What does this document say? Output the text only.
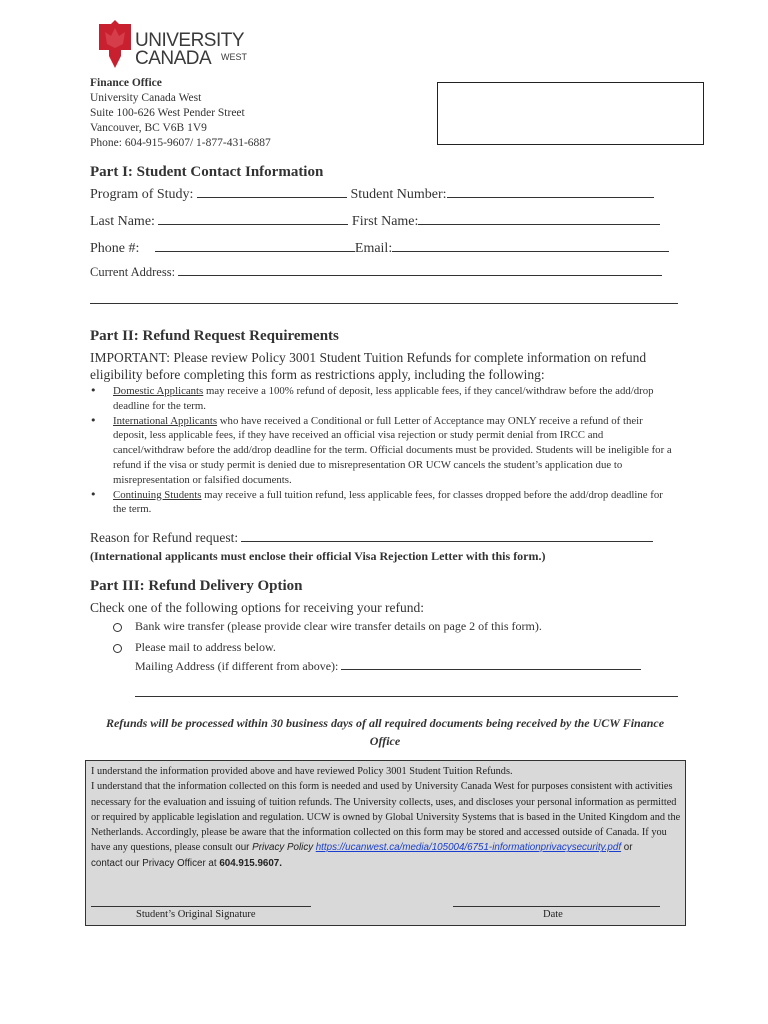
UNIVERSITY
CANADA WEST
Finance Office
University Canada West
Suite 100-626 West Pender Street
Vancouver, BC V6B 1V9
Phone: 604-915-9607/ 1-877-431-6887
Part I: Student Contact Information
Program of Study:	Student Number:
Last Name:	First Name:
Phone #:	Email:
Current Address:
Part II: Refund Request Requirements
IMPORTANT: Please review Policy 3001 Student Tuition Refunds for complete information on refund eligibility before completing this form as restrictions apply, including the following:
• Domestic Applicants may receive a 100% refund of deposit, less applicable fees, if they cancel/withdraw before the add/drop deadline for the term.
• International Applicants who have received a Conditional or full Letter of Acceptance may ONLY receive a refund of their deposit, less applicable fees, if they have received an official visa rejection or study permit denial from IRCC and cancel/withdraw before the add/drop deadline for the term. Official documents must be provided. Students will be ineligible for a refund if the visa or study permit is denied due to misrepresentation OR UCW cancels the student’s application due to misrepresentation or falsified documents.
• Continuing Students may receive a full tuition refund, less applicable fees, for classes dropped before the add/drop deadline for the term.
Reason for Refund request:
(International applicants must enclose their official Visa Rejection Letter with this form.)
Part III: Refund Delivery Option
Check one of the following options for receiving your refund:
Bank wire transfer (please provide clear wire transfer details on page 2 of this form).
Please mail to address below.
Mailing Address (if different from above):
Refunds will be processed within 30 business days of all required documents being received by the UCW Finance Office
I understand the information provided above and have reviewed Policy 3001 Student Tuition Refunds.
I understand that the information collected on this form is needed and used by University Canada West for purposes consistent with activities necessary for the evaluation and issuing of tuition refunds. The University collects, uses, and discloses your personal information as permitted or required by applicable legislation and regulation. UCW is owned by Global University Systems that is based in the United Kingdom and the Netherlands. Accordingly, please be aware that the information collected on this form may be stored and accessed outside of Canada. If you have any questions, please consult our Privacy Policy https://ucanwest.ca/media/105004/6751-informationprivacysecurity.pdf or
contact our Privacy Officer at 604.915.9607.
Student’s Original Signature	Date
